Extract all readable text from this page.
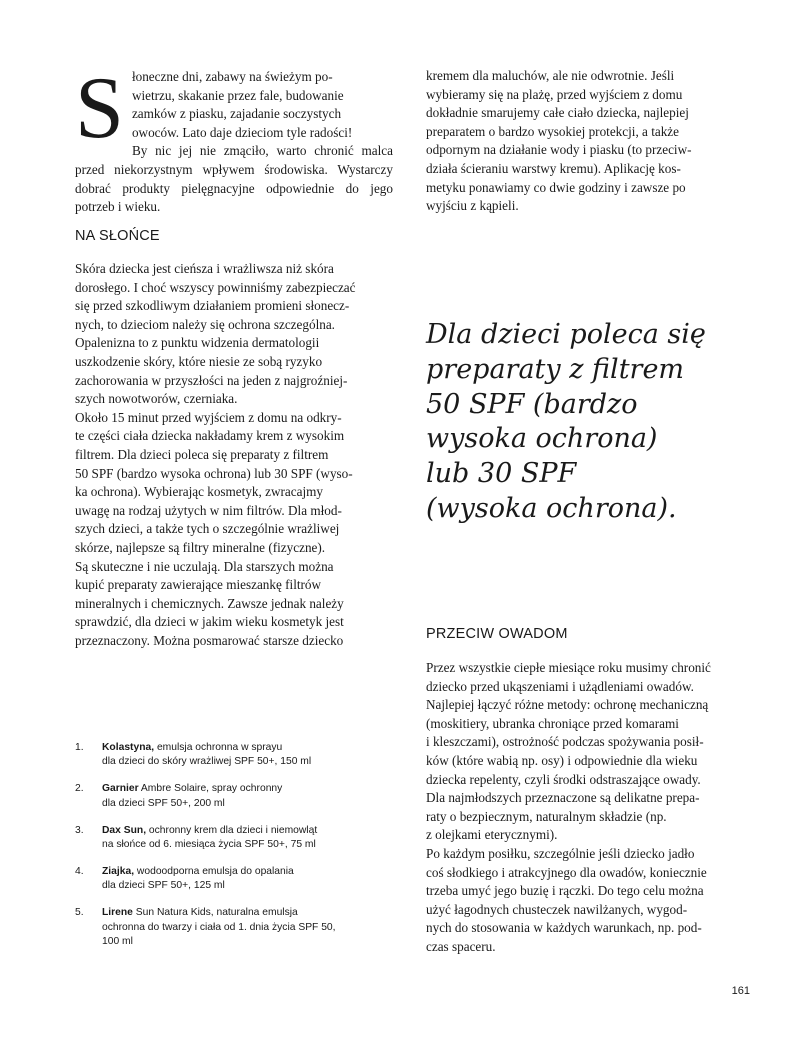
S łoneczne dni, zabawy na świeżym po-
wietrzu, skakanie przez fale, budowanie
zamków z piasku, zajadanie soczystych
owoców. Lato daje dzieciom tyle radości!
By nic jej nie zmąciło, warto chronić malca przed niekorzystnym wpływem środowiska. Wystarczy dobrać produkty pielęgnacyjne odpowiednie do jego potrzeb i wieku.

NA SŁOŃCE

Skóra dziecka jest cieńsza i wrażliwsza niż skóra
dorosłego. I choć wszyscy powinniśmy zabezpieczać
się przed szkodliwym działaniem promieni słonecz-
nych, to dzieciom należy się ochrona szczególna.
Opalenizna to z punktu widzenia dermatologii
uszkodzenie skóry, które niesie ze sobą ryzyko
zachorowania w przyszłości na jeden z najgroźniej-
szych nowotworów, czerniaka.
Około 15 minut przed wyjściem z domu na odkry-
te części ciała dziecka nakładamy krem z wysokim
filtrem. Dla dzieci poleca się preparaty z filtrem
50 SPF (bardzo wysoka ochrona) lub 30 SPF (wyso-
ka ochrona). Wybierając kosmetyk, zwracajmy
uwagę na rodzaj użytych w nim filtrów. Dla młod-
szych dzieci, a także tych o szczególnie wrażliwej
skórze, najlepsze są filtry mineralne (fizyczne).
Są skuteczne i nie uczulają. Dla starszych można
kupić preparaty zawierające mieszankę filtrów
mineralnych i chemicznych. Zawsze jednak należy
sprawdzić, dla dzieci w jakim wieku kosmetyk jest
przeznaczony. Można posmarować starsze dziecko

kremem dla maluchów, ale nie odwrotnie. Jeśli
wybieramy się na plażę, przed wyjściem z domu
dokładnie smarujemy całe ciało dziecka, najlepiej
preparatem o bardzo wysokiej protekcji, a także
odpornym na działanie wody i piasku (to przeciw-
działa ścieraniu warstwy kremu). Aplikację kos-
metyku ponawiamy co dwie godziny i zawsze po
wyjściu z kąpieli.

Dla dzieci poleca się
preparaty z filtrem
50 SPF (bardzo
wysoka ochrona)
lub 30 SPF
(wysoka ochrona).

PRZECIW OWADOM

Przez wszystkie ciepłe miesiące roku musimy chronić
dziecko przed ukąszeniami i użądleniami owadów.
Najlepiej łączyć różne metody: ochronę mechaniczną
(moskitiery, ubranka chroniące przed komarami
i kleszczami), ostrożność podczas spożywania posił-
ków (które wabią np. osy) i odpowiednie dla wieku
dziecka repelenty, czyli środki odstraszające owady.
Dla najmłodszych przeznaczone są delikatne prepa-
raty o bezpiecznym, naturalnym składzie (np.
z olejkami eterycznymi).
Po każdym posiłku, szczególnie jeśli dziecko jadło
coś słodkiego i atrakcyjnego dla owadów, koniecznie
trzeba umyć jego buzię i rączki. Do tego celu można
użyć łagodnych chusteczek nawilżanych, wygod-
nych do stosowania w każdych warunkach, np. pod-
czas spaceru.

1.	Kolastyna, emulsja ochronna w sprayu
dla dzieci do skóry wrażliwej SPF 50+, 150 ml
2.	Garnier Ambre Solaire, spray ochronny
dla dzieci SPF 50+, 200 ml
3.	Dax Sun, ochronny krem dla dzieci i niemowląt
na słońce od 6. miesiąca życia SPF 50+, 75 ml
4.	Ziajka, wodoodporna emulsja do opalania
dla dzieci SPF 50+, 125 ml
5.	Lirene Sun Natura Kids, naturalna emulsja
ochronna do twarzy i ciała od 1. dnia życia SPF 50,
100 ml
161
